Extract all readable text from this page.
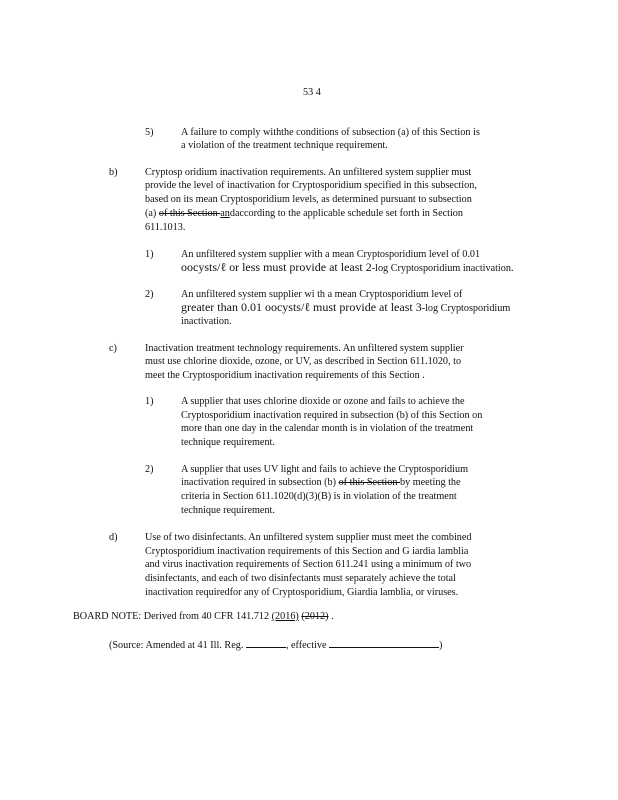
53 4
5)	A failure to comply withthe conditions of subsection (a) of this Section is
a violation of the treatment technique requirement.
b)	Cryptosp oridium inactivation requirements. An unfiltered system supplier must
provide the level of inactivation for Cryptosporidium specified in this subsection,
based on its mean Cryptosporidium levels, as determined pursuant to subsection
(a) of this Section andaccording to the applicable schedule set forth in Section
611.1013.
1)	An unfiltered system supplier with a mean Cryptosporidium level of 0.01
oocysts/ℓ or less must provide at least 2-log Cryptosporidium inactivation.
2)	An unfiltered system supplier wi th a mean Cryptosporidium level of
greater than 0.01 oocysts/ℓ must provide at least 3-log Cryptosporidium
inactivation.
c)	Inactivation treatment technology requirements. An unfiltered system supplier
must use chlorine dioxide, ozone, or UV, as described in Section 611.1020, to
meet the Cryptosporidium inactivation requirements of this Section .
1)	A supplier that uses chlorine dioxide or ozone and fails to achieve the
Cryptosporidium inactivation required in subsection (b) of this Section on
more than one day in the calendar month is in violation of the treatment
technique requirement.
2)	A supplier that uses UV light and fails to achieve the Cryptosporidium
inactivation required in subsection (b) of this Section by meeting the
criteria in Section 611.1020(d)(3)(B) is in violation of the treatment
technique requirement.
d)	Use of two disinfectants. An unfiltered system supplier must meet the combined
Cryptosporidium inactivation requirements of this Section and G iardia lamblia
and virus inactivation requirements of Section 611.241 using a minimum of two
disinfectants, and each of two disinfectants must separately achieve the total
inactivation requiredfor any of Cryptosporidium, Giardia lamblia, or viruses.
BOARD NOTE: Derived from 40 CFR 141.712 (2016) (2012) .
(Source: Amended at 41 Ill. Reg.	, effective	)
